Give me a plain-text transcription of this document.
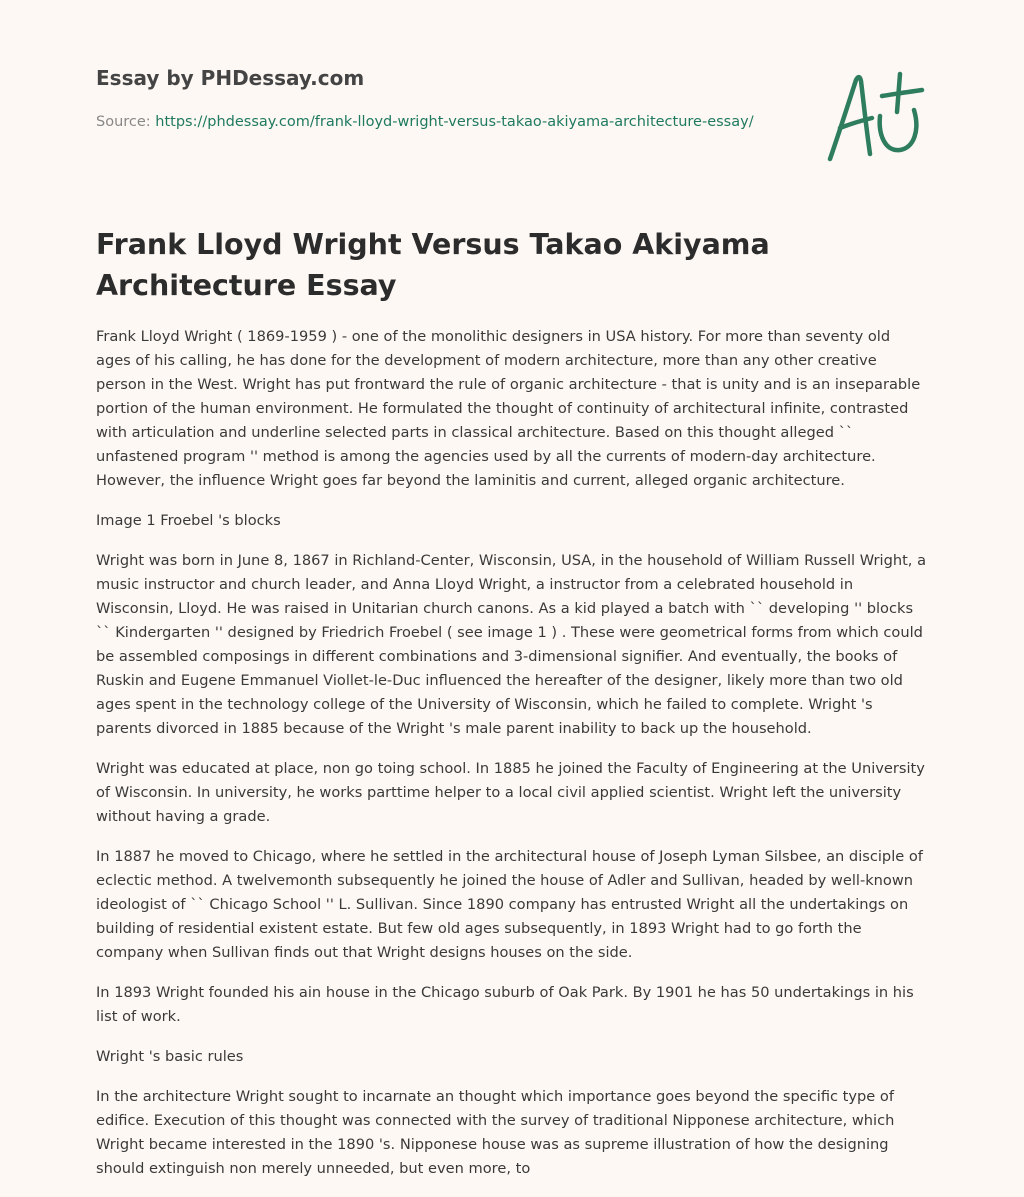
Essay by PHDessay.com
Source: https://phdessay.com/frank-lloyd-wright-versus-takao-akiyama-architecture-essay/
Frank Lloyd Wright Versus Takao Akiyama Architecture Essay

Frank Lloyd Wright ( 1869-1959 ) - one of the monolithic designers in USA history. For more than seventy old ages of his calling, he has done for the development of modern architecture, more than any other creative person in the West. Wright has put frontward the rule of organic architecture - that is unity and is an inseparable portion of the human environment. He formulated the thought of continuity of architectural infinite, contrasted with articulation and underline selected parts in classical architecture. Based on this thought alleged `` unfastened program '' method is among the agencies used by all the currents of modern-day architecture. However, the influence Wright goes far beyond the laminitis and current, alleged organic architecture.

Image 1 Froebel 's blocks

Wright was born in June 8, 1867 in Richland-Center, Wisconsin, USA, in the household of William Russell Wright, a music instructor and church leader, and Anna Lloyd Wright, a instructor from a celebrated household in Wisconsin, Lloyd. He was raised in Unitarian church canons. As a kid played a batch with `` developing '' blocks `` Kindergarten '' designed by Friedrich Froebel ( see image 1 ) . These were geometrical forms from which could be assembled composings in different combinations and 3-dimensional signifier. And eventually, the books of Ruskin and Eugene Emmanuel Viollet-le-Duc influenced the hereafter of the designer, likely more than two old ages spent in the technology college of the University of Wisconsin, which he failed to complete. Wright 's parents divorced in 1885 because of the Wright 's male parent inability to back up the household.

Wright was educated at place, non go toing school. In 1885 he joined the Faculty of Engineering at the University of Wisconsin. In university, he works parttime helper to a local civil applied scientist. Wright left the university without having a grade.

In 1887 he moved to Chicago, where he settled in the architectural house of Joseph Lyman Silsbee, an disciple of eclectic method. A twelvemonth subsequently he joined the house of Adler and Sullivan, headed by well-known ideologist of `` Chicago School '' L. Sullivan. Since 1890 company has entrusted Wright all the undertakings on building of residential existent estate. But few old ages subsequently, in 1893 Wright had to go forth the company when Sullivan finds out that Wright designs houses on the side.

In 1893 Wright founded his ain house in the Chicago suburb of Oak Park. By 1901 he has 50 undertakings in his list of work.

Wright 's basic rules

In the architecture Wright sought to incarnate an thought which importance goes beyond the specific type of edifice. Execution of this thought was connected with the survey of traditional Nipponese architecture, which Wright became interested in the 1890 's. Nipponese house was as supreme illustration of how the designing should extinguish non merely unneeded, but even more, to
